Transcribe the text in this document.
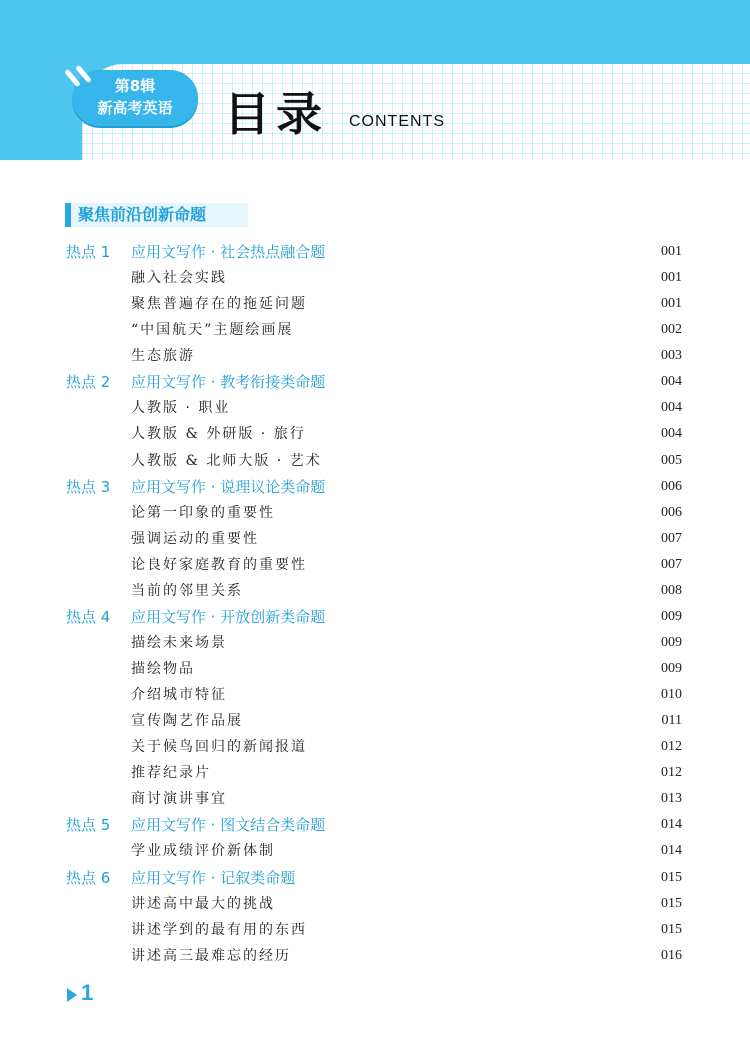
第8辑
新高考英语	目录 CONTENTS
聚焦前沿创新命题
热点 1 应用文写作 · 社会热点融合题	001
融入社会实践	001
聚焦普遍存在的拖延问题	001
“中国航天”主题绘画展	002
生态旅游	003
热点 2 应用文写作 · 教考衔接类命题	004
人教版 · 职业	004
人教版 & 外研版 · 旅行	004
人教版 & 北师大版 · 艺术	005
热点 3 应用文写作 · 说理议论类命题	006
论第一印象的重要性	006
强调运动的重要性	007
论良好家庭教育的重要性	007
当前的邻里关系	008
热点 4 应用文写作 · 开放创新类命题	009
描绘未来场景	009
描绘物品	009
介绍城市特征	010
宣传陶艺作品展	011
关于候鸟回归的新闻报道	012
推荐纪录片	012
商讨演讲事宜	013
热点 5 应用文写作 · 图文结合类命题	014
学业成绩评价新体制	014
热点 6 应用文写作 · 记叙类命题	015
讲述高中最大的挑战	015
讲述学到的最有用的东西	015
讲述高三最难忘的经历	016
1
